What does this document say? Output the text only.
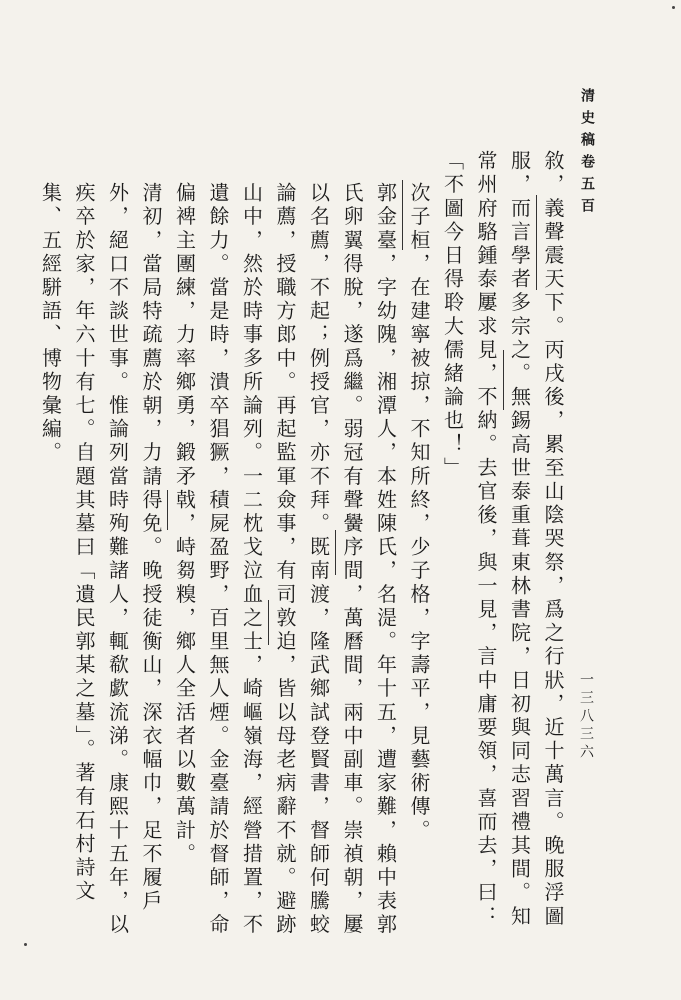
清史稿卷五百
一三八三六

敘，義聲震天下。丙戌後，累至山陰哭祭，爲之行狀，近十萬言。晚服浮圖服，而言學者多宗之。無錫高世泰重葺東林書院，日初與同志習禮其間。知常州府駱鍾泰屢求見，不納。去官後，與一見，言中庸要領，喜而去，曰：「不圖今日得聆大儒緒論也！」

次子桓，在建寧被掠，不知所終，少子格，字壽平，見藝術傳。

郭金臺，字幼隗，湘潭人，本姓陳氏，名湜。年十五，遭家難，賴中表郭氏卵翼得脫，遂爲繼。弱冠有聲黌序間，萬曆間，兩中副車。崇禎朝，屢以名薦，不起；例授官，亦不拜。既南渡，隆武鄉試登賢書，督師何騰蛟論薦，授職方郎中。再起監軍僉事，有司敦迫，皆以母老病辭不就。避跡山中，然於時事多所論列。一二枕戈泣血之士，崎嶇嶺海，經營措置，不遺餘力。當是時，潰卒猖獗，積屍盈野，百里無人煙。金臺請於督師，命偏裨主團練，力率鄉勇，鍛矛戟，峙芻糗，鄉人全活者以數萬計。

清初，當局特疏薦於朝，力請得免。晚授徒衡山，深衣幅巾，足不履戶外，絕口不談世事。惟論列當時殉難諸人，輒欷歔流涕。康熙十五年，以疾卒於家，年六十有七。自題其墓曰「遺民郭某之墓」。著有石村詩文集、五經駢語、博物彙編。
